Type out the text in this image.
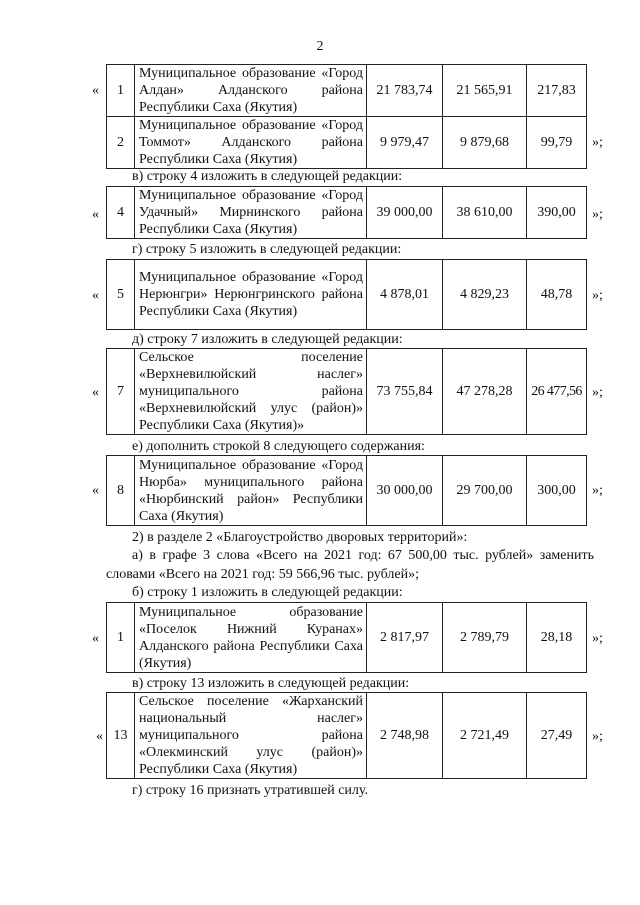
2
« 1	Муниципальное образование «Город Алдан» Алданского района Республики Саха (Якутия)	21 783,74	21 565,91	217,83
2	Муниципальное образование «Город Томмот» Алданского района Республики Саха (Якутия)	9 979,47	9 879,68	99,79 »;
в) строку 4 изложить в следующей редакции:
« 4	Муниципальное образование «Город Удачный» Мирнинского района Республики Саха (Якутия)	39 000,00	38 610,00	390,00 »;
г) строку 5 изложить в следующей редакции:
« 5	Муниципальное образование «Город Нерюнгри» Нерюнгринского района Республики Саха (Якутия)	4 878,01	4 829,23	48,78 »;
д) строку 7 изложить в следующей редакции:
« 7	Сельское поселение «Верхневилюйский наслег» муниципального района «Верхневилюйский улус (район)» Республики Саха (Якутия)»	73 755,84	47 278,28	26 477,56 »;
е) дополнить строкой 8 следующего содержания:
« 8	Муниципальное образование «Город Нюрба» муниципального района «Нюрбинский район» Республики Саха (Якутия)	30 000,00	29 700,00	300,00 »;
2) в разделе 2 «Благоустройство дворовых территорий»:
а) в графе 3 слова «Всего на 2021 год: 67 500,00 тыс. рублей» заменить
словами «Всего на 2021 год: 59 566,96 тыс. рублей»;
б) строку 1 изложить в следующей редакции:
« 1	Муниципальное образование «Поселок Нижний Куранах» Алданского района Республики Саха (Якутия)	2 817,97	2 789,79	28,18 »;
в) строку 13 изложить в следующей редакции:
« 13	Сельское поселение «Жарханский национальный наслег» муниципального района «Олекминский улус (район)» Республики Саха (Якутия)	2 748,98	2 721,49	27,49 »;
г) строку 16 признать утратившей силу.
